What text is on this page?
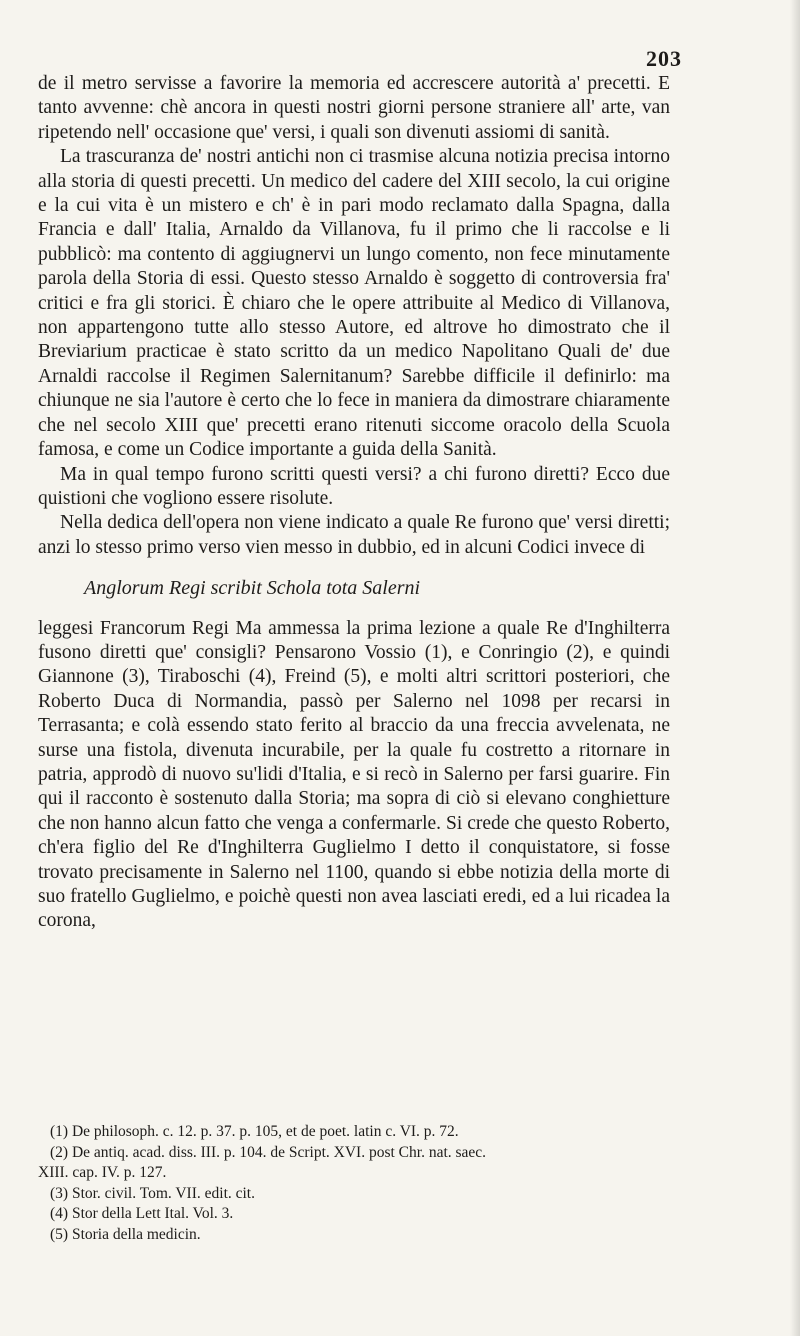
203

de il metro servisse a favorire la memoria ed accrescere autorità a' precetti. E tanto avvenne: chè ancora in questi nostri giorni persone straniere all' arte, van ripetendo nell' occasione que' versi, i quali son divenuti assiomi di sanità.

La trascuranza de' nostri antichi non ci trasmise alcuna notizia precisa intorno alla storia di questi precetti. Un medico del cadere del XIII secolo, la cui origine e la cui vita è un mistero e ch' è in pari modo reclamato dalla Spagna, dalla Francia e dall' Italia, Arnaldo da Villanova, fu il primo che li raccolse e li pubblicò: ma contento di aggiugnervi un lungo comento, non fece minutamente parola della Storia di essi. Questo stesso Arnaldo è soggetto di controversia fra' critici e fra gli storici. È chiaro che le opere attribuite al Medico di Villanova, non appartengono tutte allo stesso Autore, ed altrove ho dimostrato che il Breviarium practicae è stato scritto da un medico Napolitano Quali de' due Arnaldi raccolse il Regimen Salernitanum? Sarebbe difficile il definirlo: ma chiunque ne sia l'autore è certo che lo fece in maniera da dimostrare chiaramente che nel secolo XIII que' precetti erano ritenuti siccome oracolo della Scuola famosa, e come un Codice importante a guida della Sanità.

Ma in qual tempo furono scritti questi versi? a chi furono diretti? Ecco due quistioni che vogliono essere risolute.

Nella dedica dell'opera non viene indicato a quale Re furono que' versi diretti; anzi lo stesso primo verso vien messo in dubbio, ed in alcuni Codici invece di

Anglorum Regi scribit Schola tota Salerni

leggesi Francorum Regi Ma ammessa la prima lezione a quale Re d'Inghilterra fusono diretti que' consigli? Pensarono Vossio (1), e Conringio (2), e quindi Giannone (3), Tiraboschi (4), Freind (5), e molti altri scrittori posteriori, che Roberto Duca di Normandia, passò per Salerno nel 1098 per recarsi in Terrasanta; e colà essendo stato ferito al braccio da una freccia avvelenata, ne surse una fistola, divenuta incurabile, per la quale fu costretto a ritornare in patria, approdò di nuovo su'lidi d'Italia, e si recò in Salerno per farsi guarire. Fin qui il racconto è sostenuto dalla Storia; ma sopra di ciò si elevano conghietture che non hanno alcun fatto che venga a confermarle. Si crede che questo Roberto, ch'era figlio del Re d'Inghilterra Guglielmo I detto il conquistatore, si fosse trovato precisamente in Salerno nel 1100, quando si ebbe notizia della morte di suo fratello Guglielmo, e poichè questi non avea lasciati eredi, ed a lui ricadea la corona,

(1) De philosoph. c. 12. p. 37. p. 105, et de poet. latin c. VI. p. 72.
(2) De antiq. acad. diss. III. p. 104. de Script. XVI. post Chr. nat. saec.
XIII. cap. IV. p. 127.
(3) Stor. civil. Tom. VII. edit. cit.
(4) Stor della Lett Ital. Vol. 3.
(5) Storia della medicin.
